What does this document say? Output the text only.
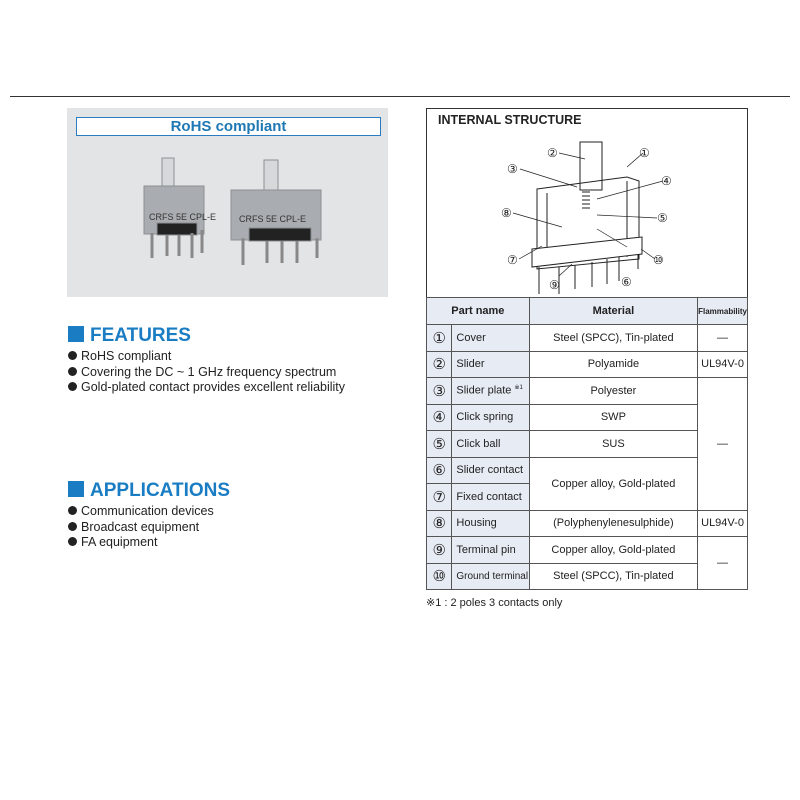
CRFS 5E CPL-E	CRFS 5E CPL-E
RoHS compliant
FEATURES
RoHS compliant
Covering the DC ~ 1 GHz frequency spectrum
Gold-plated contact provides excellent reliability
APPLICATIONS
Communication devices
Broadcast equipment
FA equipment
INTERNAL STRUCTURE
①
②
③
④
⑤
⑥
⑦
⑧
⑨
⑩
Part name		Material	Flammability
①	Cover	Steel (SPCC), Tin-plated	—
②	Slider	Polyamide	UL94V-0
③	Slider plate $^{※1}$	Polyester	—
④	Click spring	SWP	
⑤	Click ball	SUS	
⑥	Slider contact	Copper alloy, Gold-plated	
⑦	Fixed contact		
⑧	Housing	(Polyphenylenesulphide)	UL94V-0
⑨	Terminal pin	Copper alloy, Gold-plated	—
⑩	Ground terminal	Steel (SPCC), Tin-plated	
※1 : 2 poles 3 contacts only
